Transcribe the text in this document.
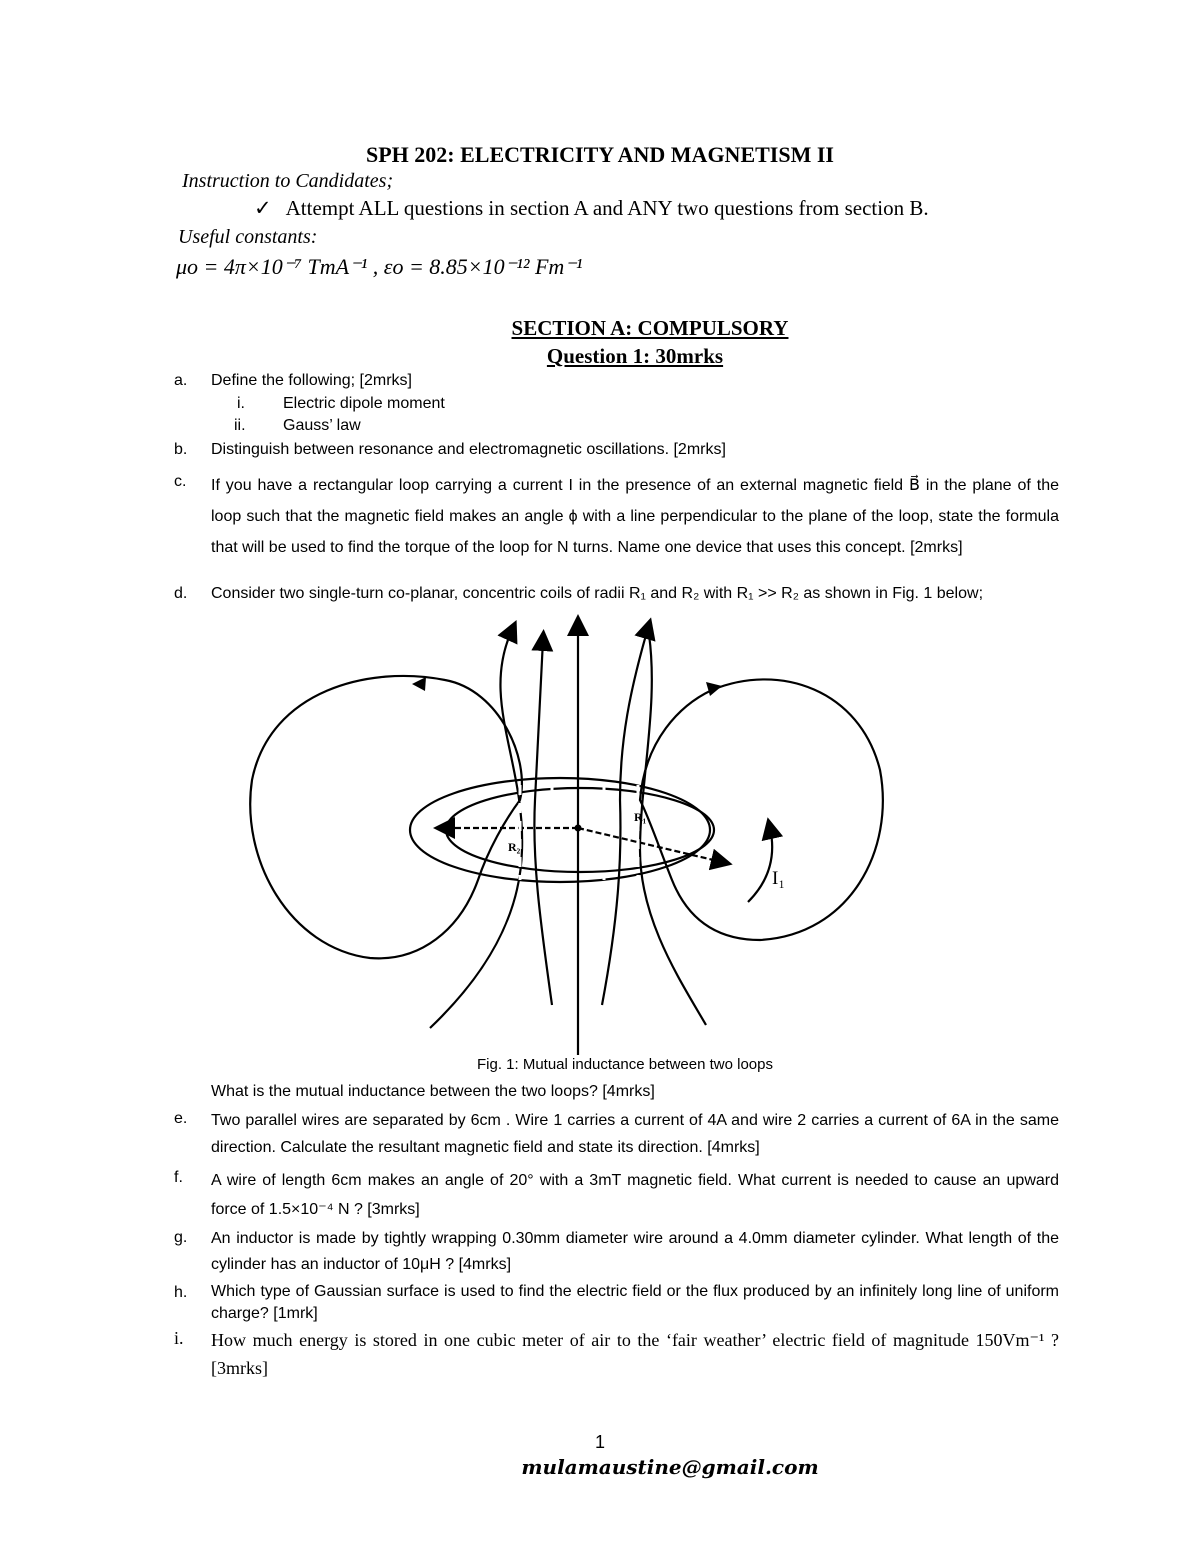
SPH 202: ELECTRICITY AND MAGNETISM II
Instruction to Candidates;
✓ Attempt ALL questions in section A and ANY two questions from section B.
Useful constants:
μo = 4π×10⁻⁷ TmA⁻¹ , εo = 8.85×10⁻¹² Fm⁻¹
SECTION A: COMPULSORY
Question 1: 30mrks
a. Define the following; [2mrks]
i. Electric dipole moment
ii. Gauss’ law
b. Distinguish between resonance and electromagnetic oscillations. [2mrks]
c. If you have a rectangular loop carrying a current I in the presence of an external magnetic field B⃗ in the plane of the loop such that the magnetic field makes an angle ϕ with a line perpendicular to the plane of the loop, state the formula that will be used to find the torque of the loop for N turns. Name one device that uses this concept. [2mrks]
d. Consider two single-turn co-planar, concentric coils of radii R₁ and R₂ with R₁ >> R₂ as shown in Fig. 1 below;
R₁
R₂
I₁
Fig. 1: Mutual inductance between two loops
What is the mutual inductance between the two loops? [4mrks]
e. Two parallel wires are separated by 6cm . Wire 1 carries a current of 4A and wire 2 carries a current of 6A in the same direction. Calculate the resultant magnetic field and state its direction. [4mrks]
f. A wire of length 6cm makes an angle of 20° with a 3mT magnetic field. What current is needed to cause an upward force of 1.5×10⁻⁴ N ? [3mrks]
g. An inductor is made by tightly wrapping 0.30mm diameter wire around a 4.0mm diameter cylinder. What length of the cylinder has an inductor of 10μH ? [4mrks]
h. Which type of Gaussian surface is used to find the electric field or the flux produced by an infinitely long line of uniform charge? [1mrk]
i. How much energy is stored in one cubic meter of air to the ‘fair weather’ electric field of magnitude 150Vm⁻¹ ? [3mrks]
1
mulamaustine@gmail.com
